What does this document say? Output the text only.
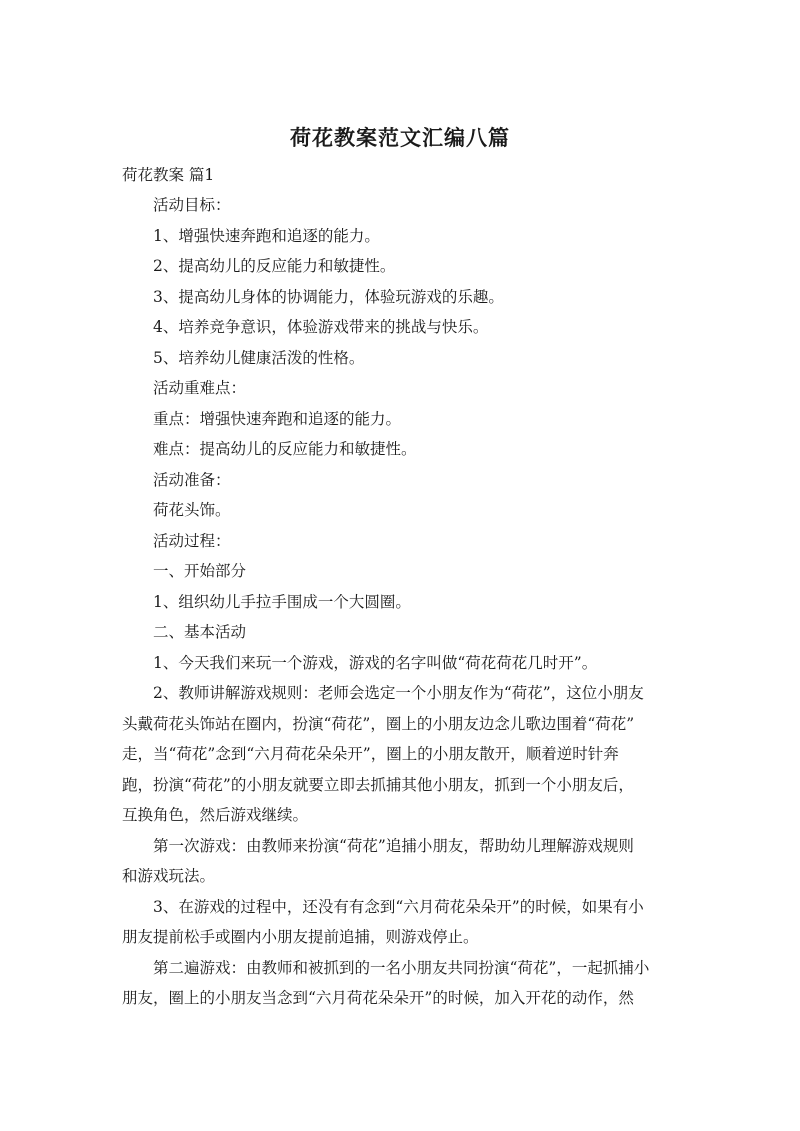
荷花教案范文汇编八篇
荷花教案 篇1
活动目标：
1、增强快速奔跑和追逐的能力。
2、提高幼儿的反应能力和敏捷性。
3、提高幼儿身体的协调能力，体验玩游戏的乐趣。
4、培养竞争意识，体验游戏带来的挑战与快乐。
5、培养幼儿健康活泼的性格。
活动重难点：
重点：增强快速奔跑和追逐的能力。
难点：提高幼儿的反应能力和敏捷性。
活动准备：
荷花头饰。
活动过程：
一、开始部分
1、组织幼儿手拉手围成一个大圆圈。
二、基本活动
1、今天我们来玩一个游戏，游戏的名字叫做“荷花荷花几时开”。
2、教师讲解游戏规则：老师会选定一个小朋友作为“荷花”，这位小朋友
头戴荷花头饰站在圈内，扮演“荷花”，圈上的小朋友边念儿歌边围着“荷花”
走，当“荷花”念到“六月荷花朵朵开”，圈上的小朋友散开，顺着逆时针奔
跑，扮演“荷花”的小朋友就要立即去抓捕其他小朋友，抓到一个小朋友后，
互换角色，然后游戏继续。
第一次游戏：由教师来扮演“荷花”追捕小朋友，帮助幼儿理解游戏规则
和游戏玩法。
3、在游戏的过程中，还没有有念到“六月荷花朵朵开”的时候，如果有小
朋友提前松手或圈内小朋友提前追捕，则游戏停止。
第二遍游戏：由教师和被抓到的一名小朋友共同扮演“荷花”，一起抓捕小
朋友，圈上的小朋友当念到“六月荷花朵朵开”的时候，加入开花的动作，然
